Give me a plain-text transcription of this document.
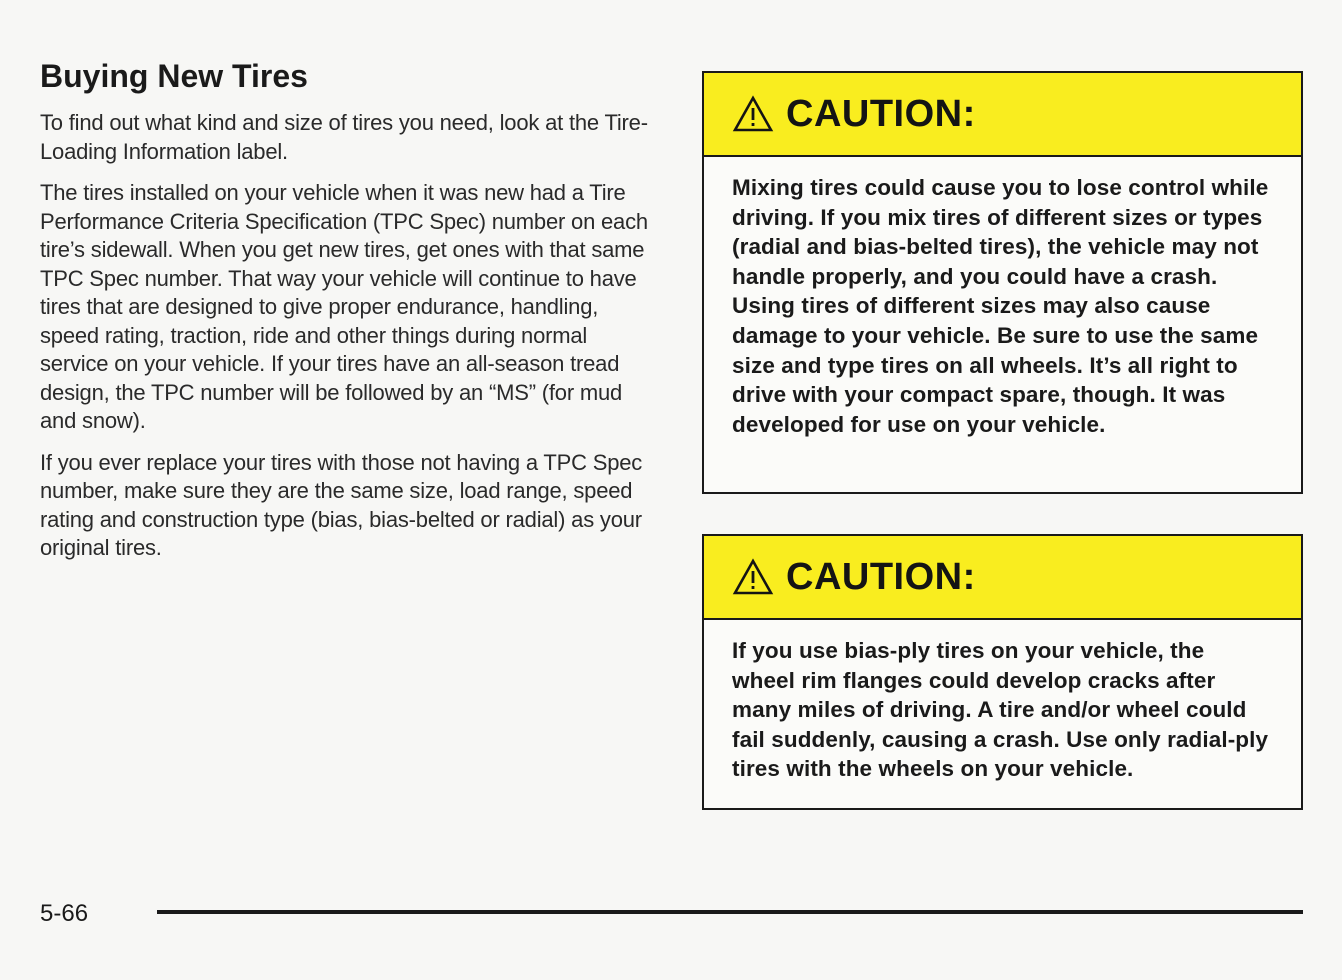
Buying New Tires

To find out what kind and size of tires you need, look at the Tire-Loading Information label.

The tires installed on your vehicle when it was new had a Tire Performance Criteria Specification (TPC Spec) number on each tire’s sidewall. When you get new tires, get ones with that same TPC Spec number. That way your vehicle will continue to have tires that are designed to give proper endurance, handling, speed rating, traction, ride and other things during normal service on your vehicle. If your tires have an all-season tread design, the TPC number will be followed by an “MS” (for mud and snow).

If you ever replace your tires with those not having a TPC Spec number, make sure they are the same size, load range, speed rating and construction type (bias, bias-belted or radial) as your original tires.

CAUTION:
Mixing tires could cause you to lose control while driving. If you mix tires of different sizes or types (radial and bias-belted tires), the vehicle may not handle properly, and you could have a crash. Using tires of different sizes may also cause damage to your vehicle. Be sure to use the same size and type tires on all wheels. It’s all right to drive with your compact spare, though. It was developed for use on your vehicle.
CAUTION:
If you use bias-ply tires on your vehicle, the wheel rim flanges could develop cracks after many miles of driving. A tire and/or wheel could fail suddenly, causing a crash. Use only radial-ply tires with the wheels on your vehicle.
5-66
